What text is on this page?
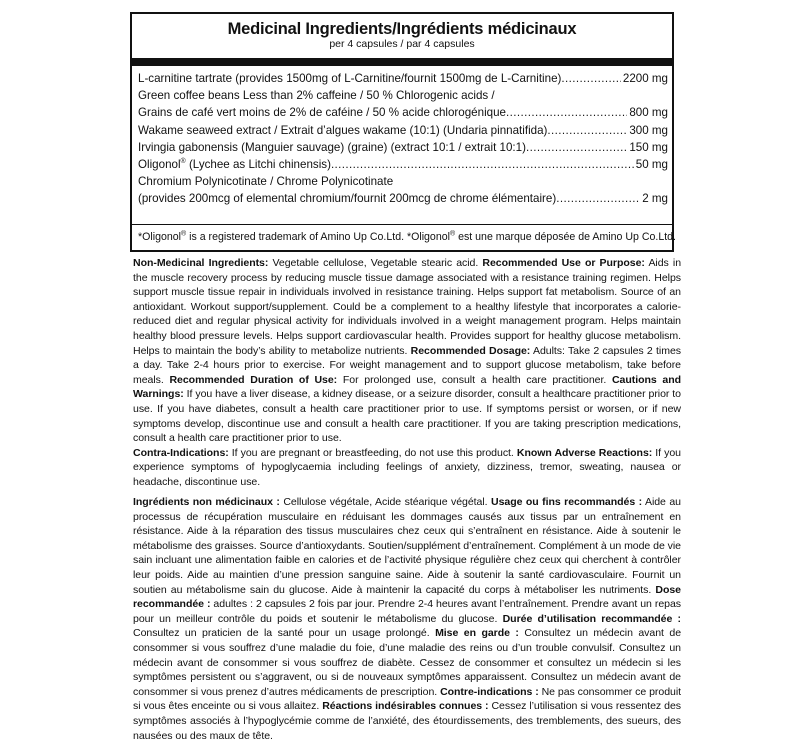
Medicinal Ingredients/Ingrédients médicinaux
per 4 capsules / par 4 capsules
L-carnitine tartrate (provides 1500mg of L-Carnitine/fournit 1500mg de L-Carnitine) .....	2200 mg
Green coffee beans Less than 2% caffeine / 50 % Chlorogenic acids /
Grains de café vert moins de 2% de caféine / 50 % acide chlorogénique .....	800 mg
Wakame seaweed extract / Extrait d’algues wakame (10:1) (Undaria pinnatifida) .....	300 mg
Irvingia gabonensis (Manguier sauvage) (graine) (extract 10:1 / extrait 10:1) .....	150 mg
Oligonol® (Lychee as Litchi chinensis) .....	50 mg
Chromium Polynicotinate / Chrome Polynicotinate
(provides 200mcg of elemental chromium/fournit 200mcg de chrome élémentaire) .....	2 mg
*Oligonol® is a registered trademark of Amino Up Co.Ltd. *Oligonol® est une marque déposée de Amino Up Co.Ltd.
Non-Medicinal Ingredients: Vegetable cellulose, Vegetable stearic acid. Recommended Use or Purpose: Aids in the muscle recovery process by reducing muscle tissue damage associated with a resistance training regimen. Helps support muscle tissue repair in individuals involved in resistance training. Helps support fat metabolism. Source of an antioxidant. Workout support/supplement. Could be a complement to a healthy lifestyle that incorporates a calorie-reduced diet and regular physical activity for individuals involved in a weight management program. Helps maintain healthy blood pressure levels. Helps support cardiovascular health. Provides support for healthy glucose metabolism. Helps to maintain the body’s ability to metabolize nutrients. Recommended Dosage: Adults: Take 2 capsules 2 times a day. Take 2-4 hours prior to exercise. For weight management and to support glucose metabolism, take before meals. Recommended Duration of Use: For prolonged use, consult a health care practitioner. Cautions and Warnings: If you have a liver disease, a kidney disease, or a seizure disorder, consult a healthcare practitioner prior to use. If you have diabetes, consult a health care practitioner prior to use. If symptoms persist or worsen, or if new symptoms develop, discontinue use and consult a health care practitioner. If you are taking prescription medications, consult a health care practitioner prior to use.
Contra-Indications: If you are pregnant or breastfeeding, do not use this product. Known Adverse Reactions: If you experience symptoms of hypoglycaemia including feelings of anxiety, dizziness, tremor, sweating, nausea or headache, discontinue use.
Ingrédients non médicinaux : Cellulose végétale, Acide stéarique végétal. Usage ou fins recommandés : Aide au processus de récupération musculaire en réduisant les dommages causés aux tissus par un entraînement en résistance. Aide à la réparation des tissus musculaires chez ceux qui s’entraînent en résistance. Aide à soutenir le métabolisme des graisses. Source d’antioxydants. Soutien/supplément d’entraînement. Complément à un mode de vie sain incluant une alimentation faible en calories et de l’activité physique régulière chez ceux qui cherchent à contrôler leur poids. Aide au maintien d’une pression sanguine saine. Aide à soutenir la santé cardiovasculaire. Fournit un soutien au métabolisme sain du glucose. Aide à maintenir la capacité du corps à métaboliser les nutriments. Dose recommandée : adultes : 2 capsules 2 fois par jour. Prendre 2-4 heures avant l’entraînement. Prendre avant un repas pour un meilleur contrôle du poids et soutenir le métabolisme du glucose. Durée d’utilisation recommandée : Consultez un praticien de la santé pour un usage prolongé. Mise en garde : Consultez un médecin avant de consommer si vous souffrez d’une maladie du foie, d’une maladie des reins ou d’un trouble convulsif. Consultez un médecin avant de consommer si vous souffrez de diabète. Cessez de consommer et consultez un médecin si les symptômes persistent ou s’aggravent, ou si de nouveaux symptômes apparaissent. Consultez un médecin avant de consommer si vous prenez d’autres médicaments de prescription. Contre-indications : Ne pas consommer ce produit si vous êtes enceinte ou si vous allaitez. Réactions indésirables connues : Cessez l’utilisation si vous ressentez des symptômes associés à l’hypoglycémie comme de l’anxiété, des étourdissements, des tremblements, des sueurs, des nausées ou des maux de tête.
